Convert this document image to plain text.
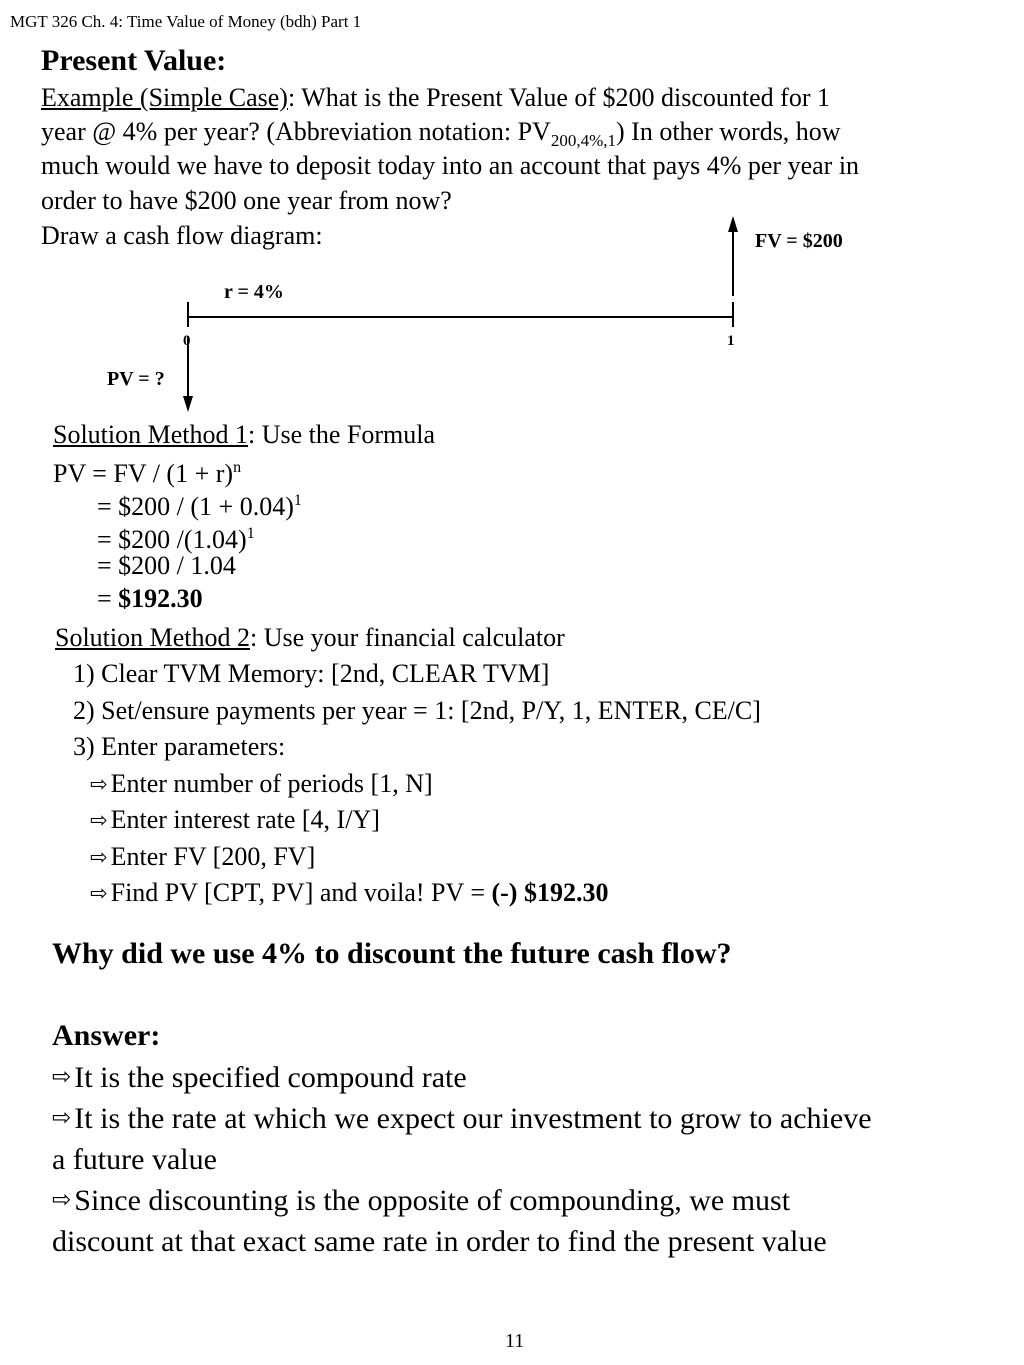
MGT 326 Ch. 4: Time Value of Money (bdh) Part 1
Present Value:
Example (Simple Case): What is the Present Value of $200 discounted for 1
year @ 4% per year? (Abbreviation notation: $PV_{200,4\%,1}$) In other words, how
much would we have to deposit today into an account that pays 4% per year in
order to have $200 one year from now?
Draw a cash flow diagram:	FV = $200
r = 4%
0	1
PV = ?
Solution Method 1: Use the Formula
PV = FV / $(1 + r)^n$
= $200 / $(1 + 0.04)^1$
= $200 $/(1.04)^1$
= $200 / 1.04
= $192.30
Solution Method 2: Use your financial calculator
1) Clear TVM Memory: [2nd, CLEAR TVM]
2) Set/ensure payments per year = 1: [2nd, P/Y, 1, ENTER, CE/C]
3) Enter parameters:
⇨ Enter number of periods [1, N]
⇨ Enter interest rate [4, I/Y]
⇨ Enter FV [200, FV]
⇨ Find PV [CPT, PV] and voila! PV = (-) $192.30
Why did we use 4% to discount the future cash flow?
Answer:
⇨ It is the specified compound rate
⇨ It is the rate at which we expect our investment to grow to achieve
a future value
⇨ Since discounting is the opposite of compounding, we must
discount at that exact same rate in order to find the present value
11
